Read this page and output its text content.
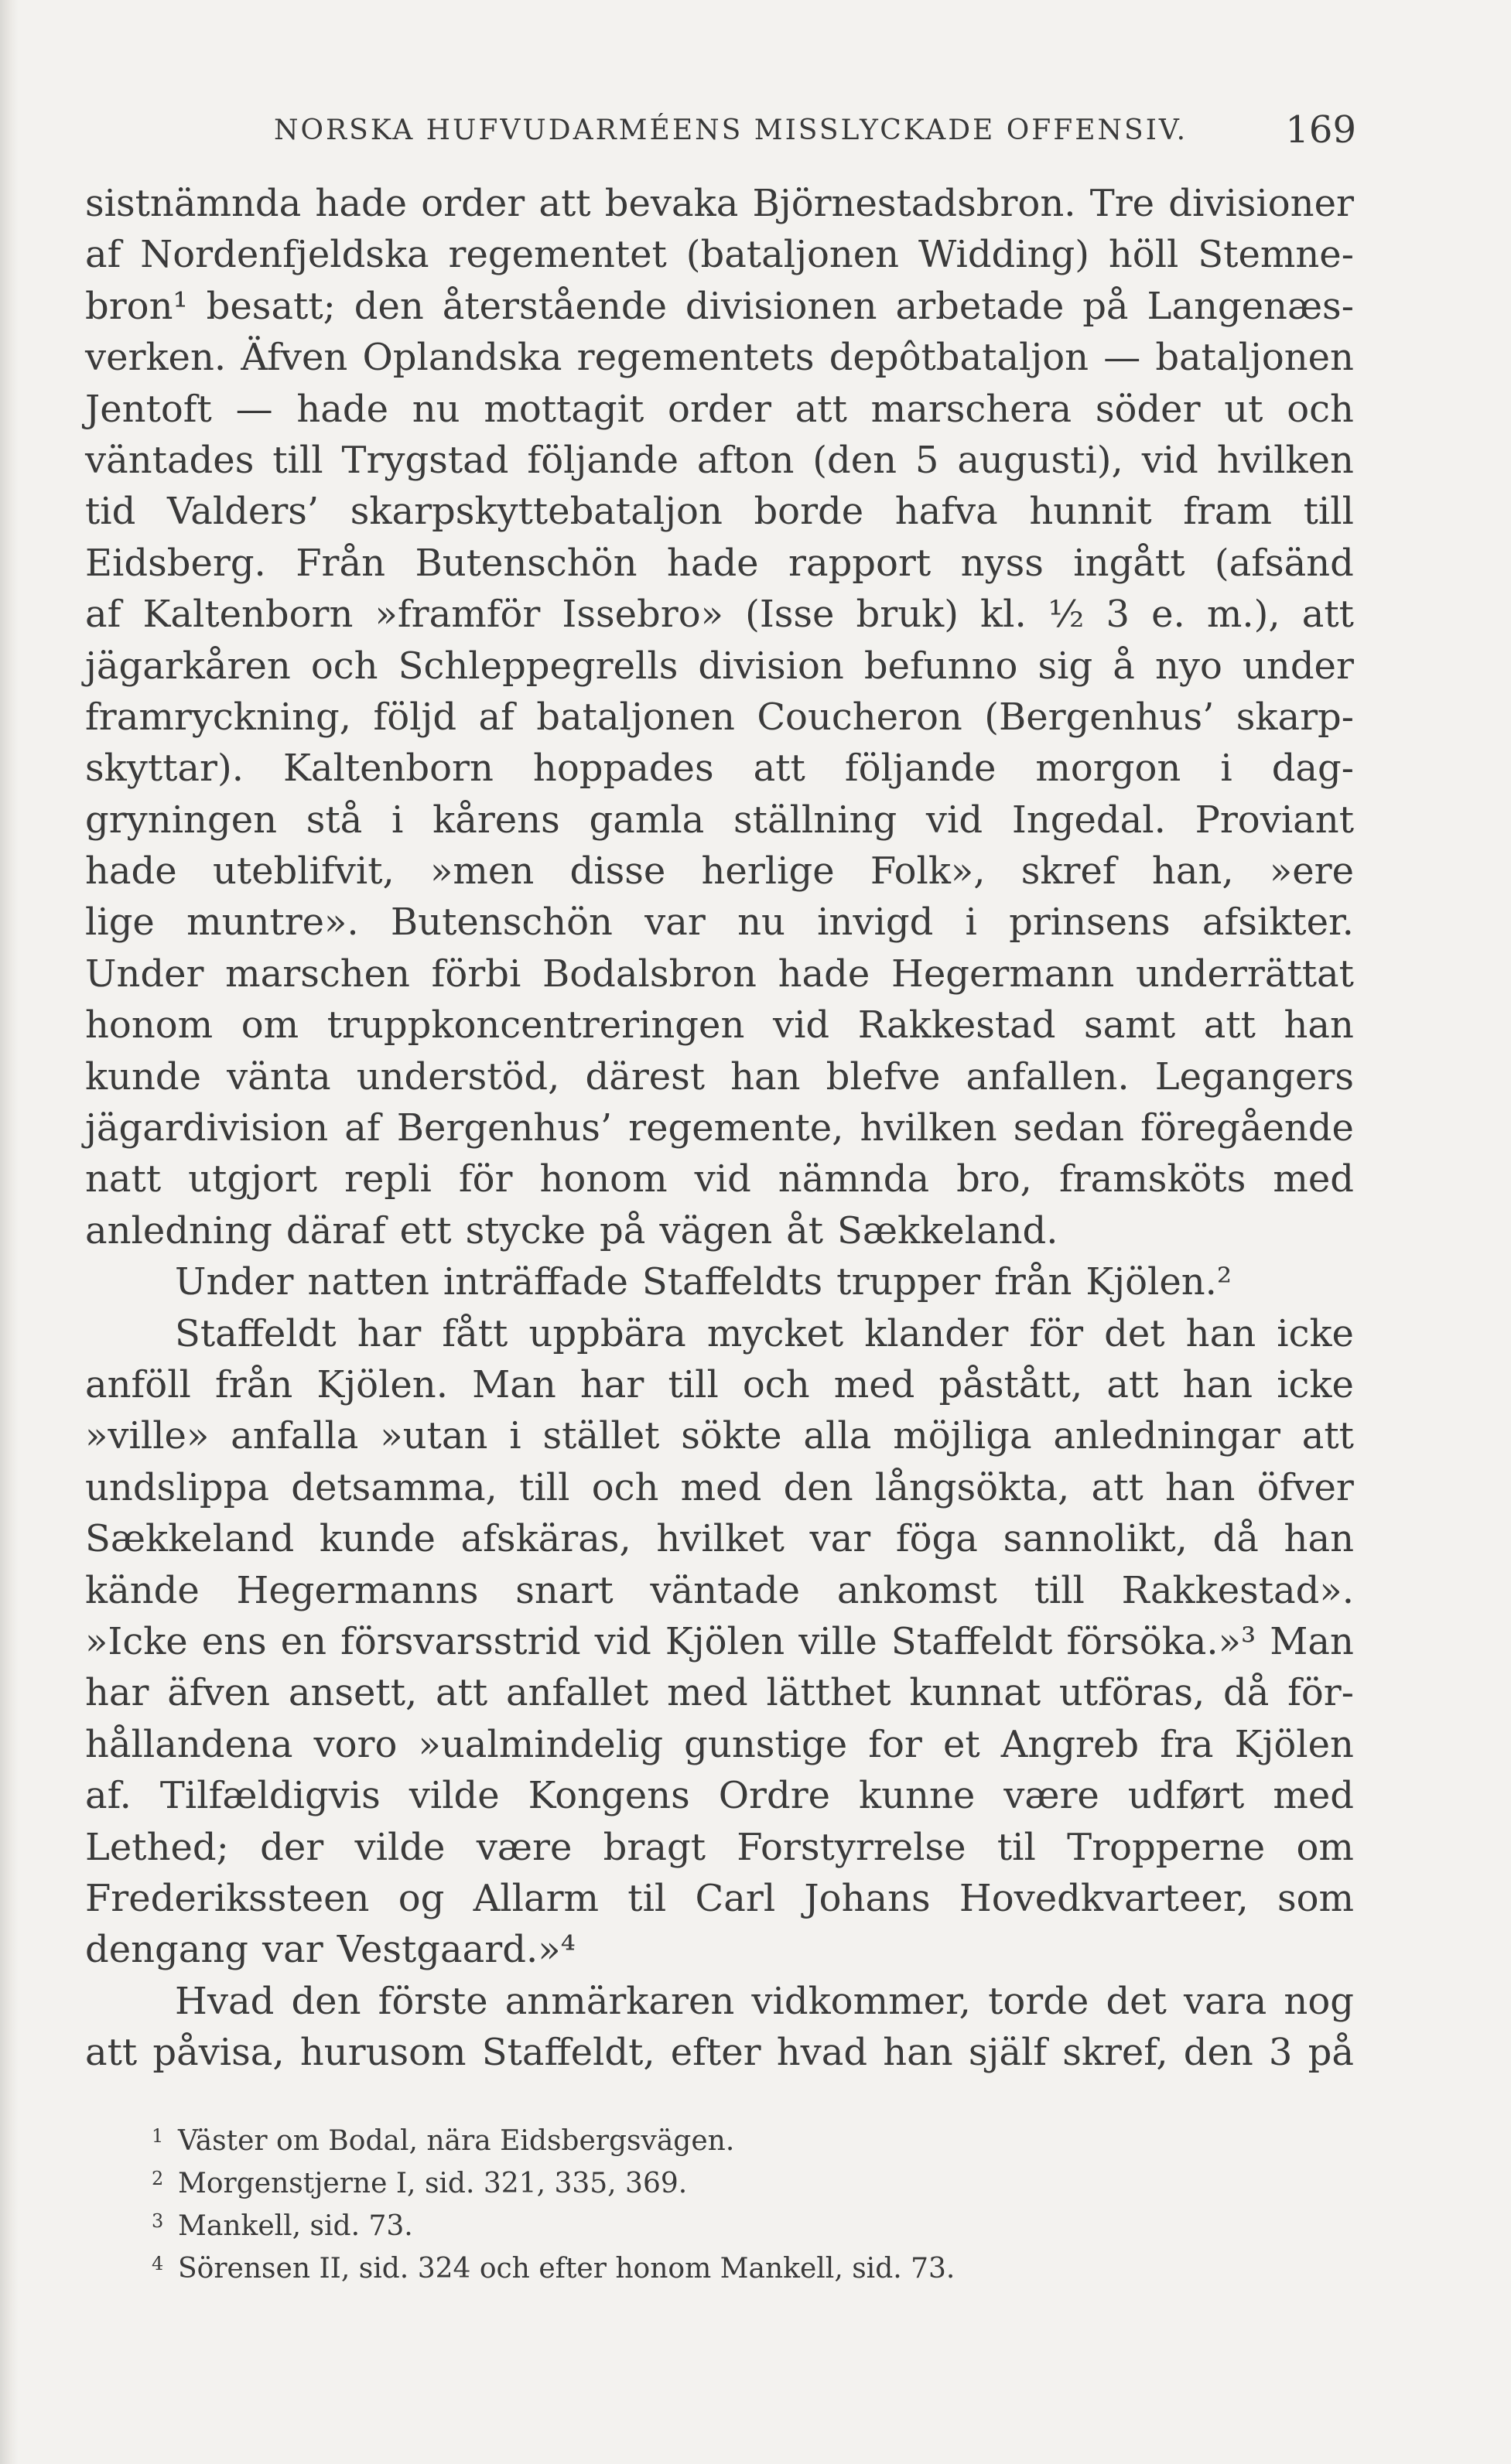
NORSKA HUFVUDARMÉENS MISSLYCKADE OFFENSIV.	169
sistnämnda hade order att bevaka Björnestadsbron. Tre divisioner
af Nordenfjeldska regementet (bataljonen Widding) höll Stemne-
bron¹ besatt; den återstående divisionen arbetade på Langenæs-
verken. Äfven Oplandska regementets depôtbataljon — bataljonen
Jentoft — hade nu mottagit order att marschera söder ut och
väntades till Trygstad följande afton (den 5 augusti), vid hvilken
tid Valders’ skarpskyttebataljon borde hafva hunnit fram till
Eidsberg. Från Butenschön hade rapport nyss ingått (afsänd
af Kaltenborn »framför Issebro» (Isse bruk) kl. ½ 3 e. m.), att
jägarkåren och Schleppegrells division befunno sig å nyo under
framryckning, följd af bataljonen Coucheron (Bergenhus’ skarp-
skyttar). Kaltenborn hoppades att följande morgon i dag-
gryningen stå i kårens gamla ställning vid Ingedal. Proviant
hade uteblifvit, »men disse herlige Folk», skref han, »ere
lige muntre». Butenschön var nu invigd i prinsens afsikter.
Under marschen förbi Bodalsbron hade Hegermann underrättat
honom om truppkoncentreringen vid Rakkestad samt att han
kunde vänta understöd, därest han blefve anfallen. Legangers
jägardivision af Bergenhus’ regemente, hvilken sedan föregående
natt utgjort repli för honom vid nämnda bro, framsköts med
anledning däraf ett stycke på vägen åt Sækkeland.
Under natten inträffade Staffeldts trupper från Kjölen.²
Staffeldt har fått uppbära mycket klander för det han icke
anföll från Kjölen. Man har till och med påstått, att han icke
»ville» anfalla »utan i stället sökte alla möjliga anledningar att
undslippa detsamma, till och med den långsökta, att han öfver
Sækkeland kunde afskäras, hvilket var föga sannolikt, då han
kände Hegermanns snart väntade ankomst till Rakkestad».
»Icke ens en försvarsstrid vid Kjölen ville Staffeldt försöka.»³ Man
har äfven ansett, att anfallet med lätthet kunnat utföras, då för-
hållandena voro »ualmindelig gunstige for et Angreb fra Kjölen
af. Tilfældigvis vilde Kongens Ordre kunne være udført med
Lethed; der vilde være bragt Forstyrrelse til Tropperne om
Frederikssteen og Allarm til Carl Johans Hovedkvarteer, som
dengang var Vestgaard.»⁴
Hvad den förste anmärkaren vidkommer, torde det vara nog
att påvisa, hurusom Staffeldt, efter hvad han själf skref, den 3 på
1 Väster om Bodal, nära Eidsbergsvägen.
2 Morgenstjerne I, sid. 321, 335, 369.
3 Mankell, sid. 73.
4 Sörensen II, sid. 324 och efter honom Mankell, sid. 73.
